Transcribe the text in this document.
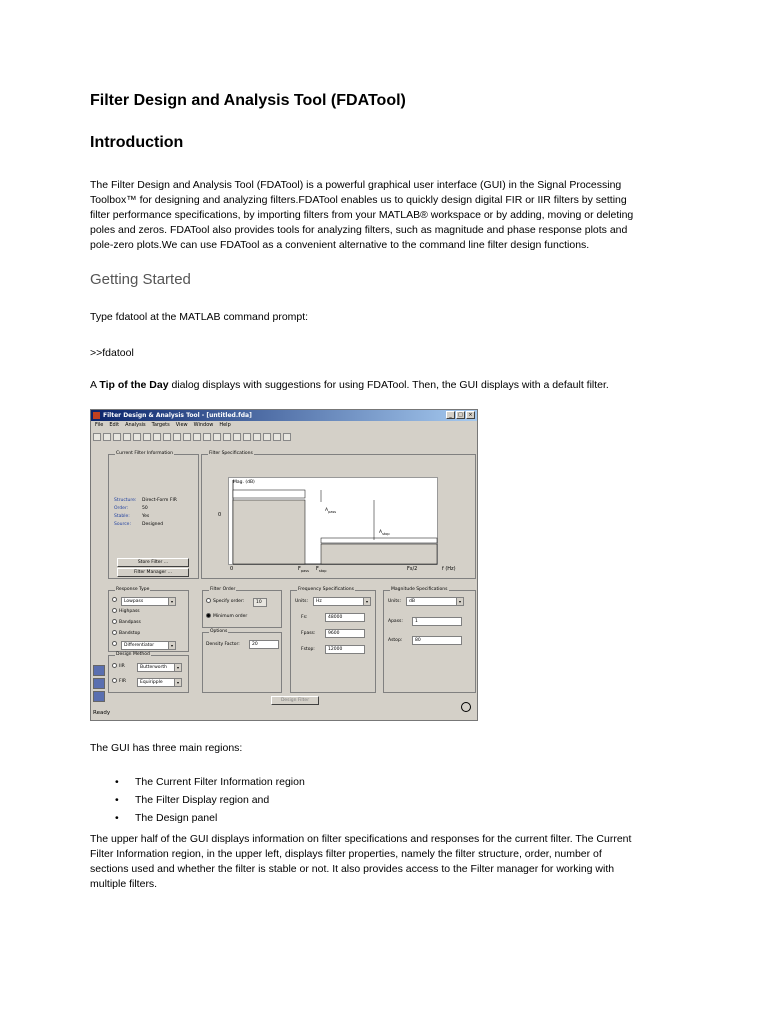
Filter Design and Analysis Tool (FDATool)
Introduction
The Filter Design and Analysis Tool (FDATool) is a powerful graphical user interface (GUI) in the Signal Processing
Toolbox™ for designing and analyzing filters.FDATool enables us to quickly design digital FIR or IIR filters by setting
filter performance specifications, by importing filters from your MATLAB® workspace or by adding, moving or deleting
poles and zeros. FDATool also provides tools for analyzing filters, such as magnitude and phase response plots and
pole-zero plots.We can use FDATool as a convenient alternative to the command line filter design functions.
Getting Started
Type fdatool at the MATLAB command prompt:
>>fdatool
A Tip of the Day dialog displays with suggestions for using FDATool. Then, the GUI displays with a default filter.
Filter Design & Analysis Tool - [untitled.fda]	_	□	×
File Edit Analysis Targets View Window Help
Current Filter Information
Structure: Direct-Form FIR
Order:	50
Stable:	Yes
Source: Designed
Store Filter ...
Filter Manager ...
Filter Specifications
Mag. (dB)
$A_{pass}$
$A_{stop}$
0
0	$F_{pass}$ $F_{stop}$	Fs/2	f (Hz)
Response Type
Lowpass	▾
Highpass
Bandpass
Bandstop
Differentiator	▾
Design Method
IIR	Butterworth	▾
FIR	Equiripple	▾
Filter Order
Specify order:	10
Minimum order
Options
Density Factor:	20
Frequency Specifications
Units:	Hz	▾
Fs:	48000
Fpass:	9600
Fstop:	12000
Magnitude Specifications
Units:	dB	▾
Apass:	1
Astop:	80
Design Filter
Ready
The GUI has three main regions:
• The Current Filter Information region
• The Filter Display region and
• The Design panel
The upper half of the GUI displays information on filter specifications and responses for the current filter. The Current
Filter Information region, in the upper left, displays filter properties, namely the filter structure, order, number of
sections used and whether the filter is stable or not. It also provides access to the Filter manager for working with
multiple filters.
